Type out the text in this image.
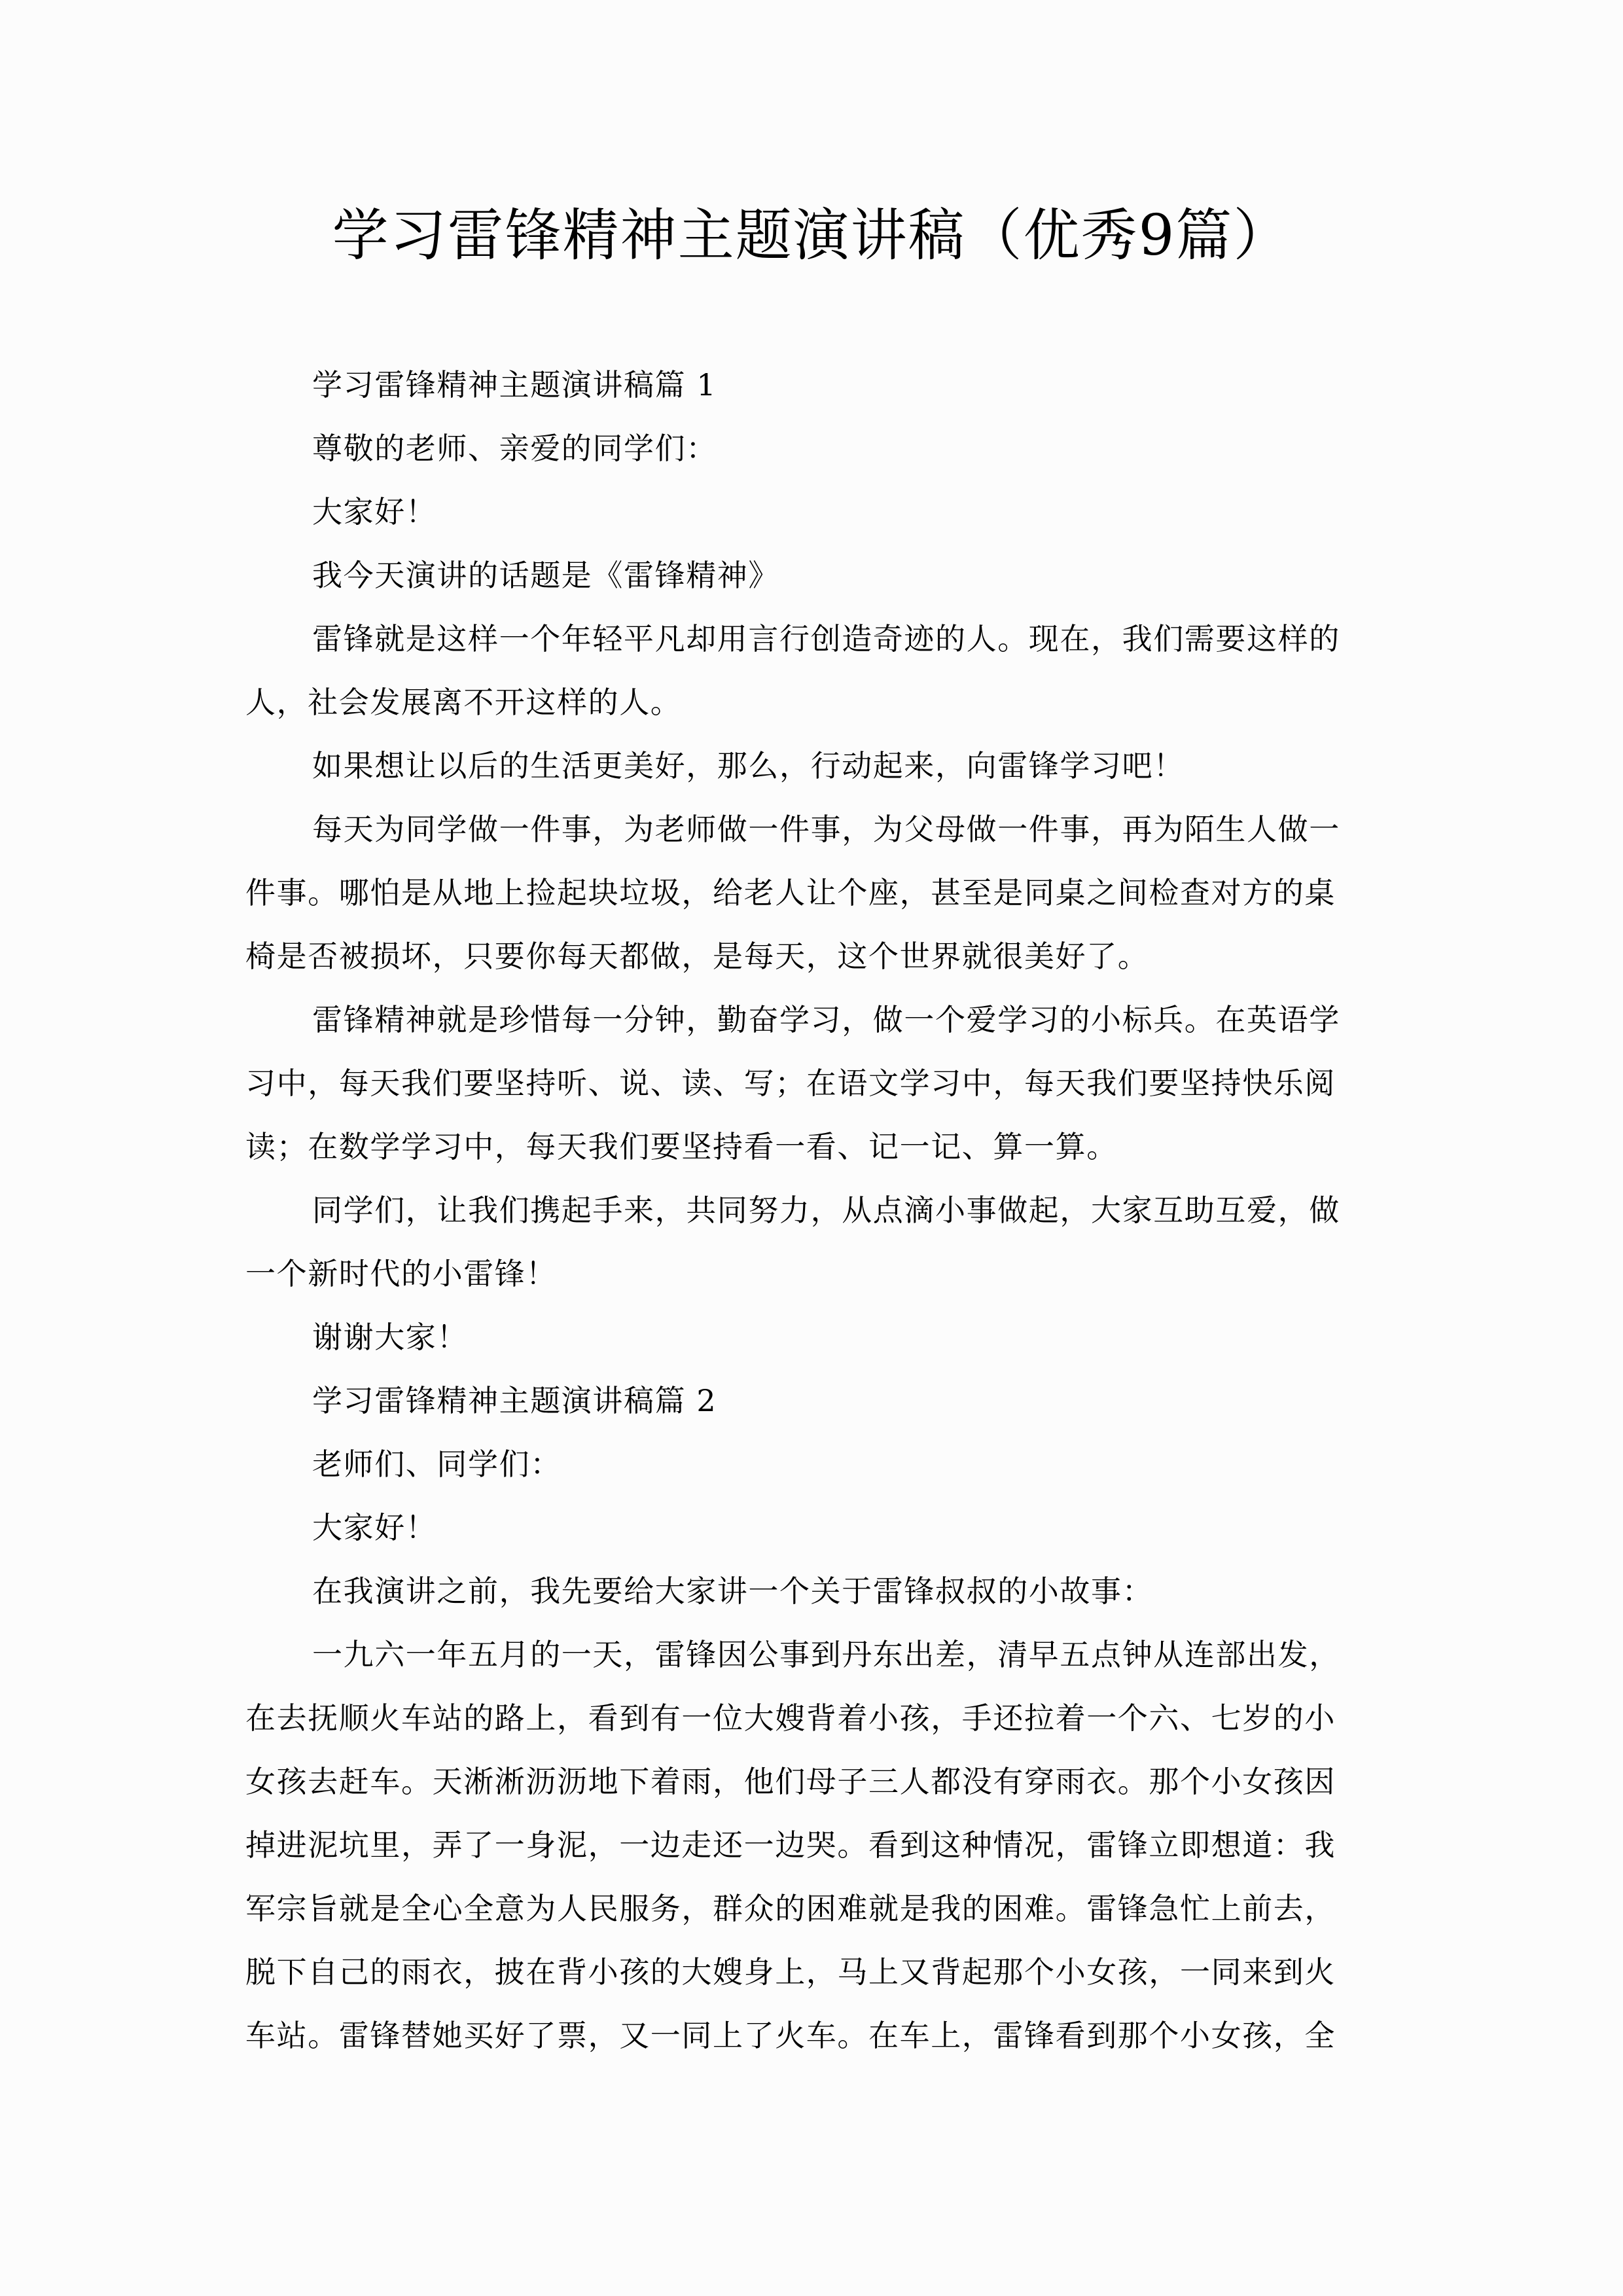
学习雷锋精神主题演讲稿（优秀9篇）
学习雷锋精神主题演讲稿篇 1
尊敬的老师、亲爱的同学们：
大家好！
我今天演讲的话题是《雷锋精神》
雷锋就是这样一个年轻平凡却用言行创造奇迹的人。现在，我们需要这样的
人，社会发展离不开这样的人。
如果想让以后的生活更美好，那么，行动起来，向雷锋学习吧！
每天为同学做一件事，为老师做一件事，为父母做一件事，再为陌生人做一
件事。哪怕是从地上捡起块垃圾，给老人让个座，甚至是同桌之间检查对方的桌
椅是否被损坏，只要你每天都做，是每天，这个世界就很美好了。
雷锋精神就是珍惜每一分钟，勤奋学习，做一个爱学习的小标兵。在英语学
习中，每天我们要坚持听、说、读、写；在语文学习中，每天我们要坚持快乐阅
读；在数学学习中，每天我们要坚持看一看、记一记、算一算。
同学们，让我们携起手来，共同努力，从点滴小事做起，大家互助互爱，做
一个新时代的小雷锋！
谢谢大家！
学习雷锋精神主题演讲稿篇 2
老师们、同学们：
大家好！
在我演讲之前，我先要给大家讲一个关于雷锋叔叔的小故事：
一九六一年五月的一天，雷锋因公事到丹东出差，清早五点钟从连部出发，
在去抚顺火车站的路上，看到有一位大嫂背着小孩，手还拉着一个六、七岁的小
女孩去赶车。天淅淅沥沥地下着雨，他们母子三人都没有穿雨衣。那个小女孩因
掉进泥坑里，弄了一身泥，一边走还一边哭。看到这种情况，雷锋立即想道：我
军宗旨就是全心全意为人民服务，群众的困难就是我的困难。雷锋急忙上前去，
脱下自己的雨衣，披在背小孩的大嫂身上，马上又背起那个小女孩，一同来到火
车站。雷锋替她买好了票，又一同上了火车。在车上，雷锋看到那个小女孩，全
